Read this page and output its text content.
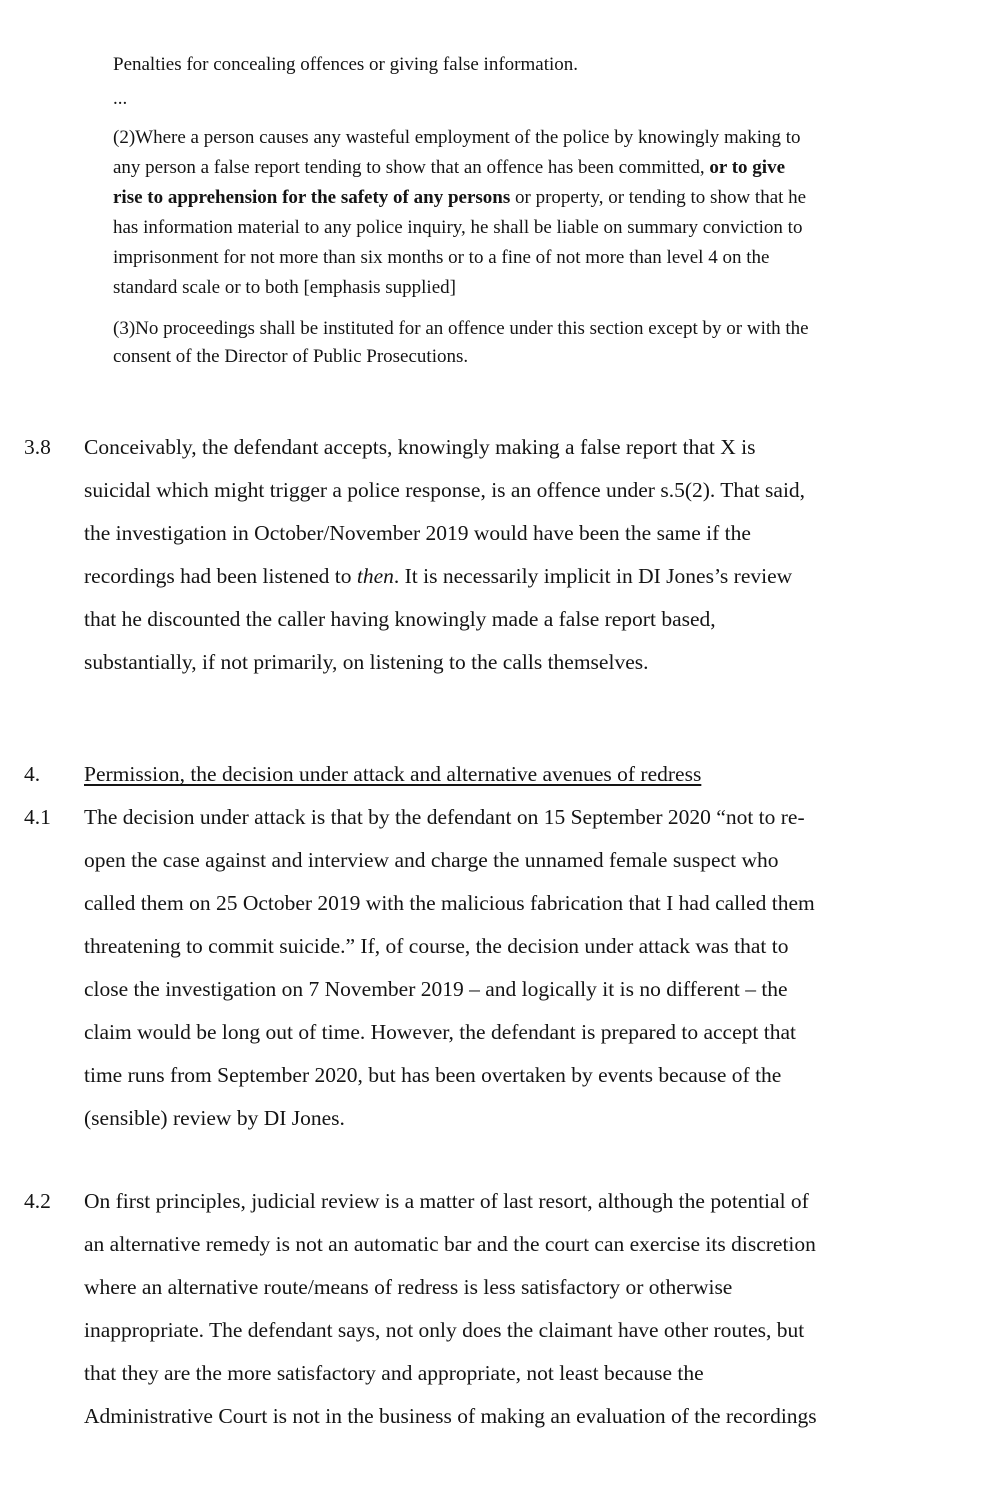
Penalties for concealing offences or giving false information.

...

(2)Where a person causes any wasteful employment of the police by knowingly making to
any person a false report tending to show that an offence has been committed, or to give
rise to apprehension for the safety of any persons or property, or tending to show that he
has information material to any police inquiry, he shall be liable on summary conviction to
imprisonment for not more than six months or to a fine of not more than level 4 on the
standard scale or to both [emphasis supplied]

(3)No proceedings shall be instituted for an offence under this section except by or with the
consent of the Director of Public Prosecutions.

3.8 Conceivably, the defendant accepts, knowingly making a false report that X is
suicidal which might trigger a police response, is an offence under s.5(2). That said,
the investigation in October/November 2019 would have been the same if the
recordings had been listened to then. It is necessarily implicit in DI Jones’s review
that he discounted the caller having knowingly made a false report based,
substantially, if not primarily, on listening to the calls themselves.

4. Permission, the decision under attack and alternative avenues of redress

4.1 The decision under attack is that by the defendant on 15 September 2020 “not to re-
open the case against and interview and charge the unnamed female suspect who
called them on 25 October 2019 with the malicious fabrication that I had called them
threatening to commit suicide.” If, of course, the decision under attack was that to
close the investigation on 7 November 2019 – and logically it is no different – the
claim would be long out of time. However, the defendant is prepared to accept that
time runs from September 2020, but has been overtaken by events because of the
(sensible) review by DI Jones.

4.2 On first principles, judicial review is a matter of last resort, although the potential of
an alternative remedy is not an automatic bar and the court can exercise its discretion
where an alternative route/means of redress is less satisfactory or otherwise
inappropriate. The defendant says, not only does the claimant have other routes, but
that they are the more satisfactory and appropriate, not least because the
Administrative Court is not in the business of making an evaluation of the recordings
